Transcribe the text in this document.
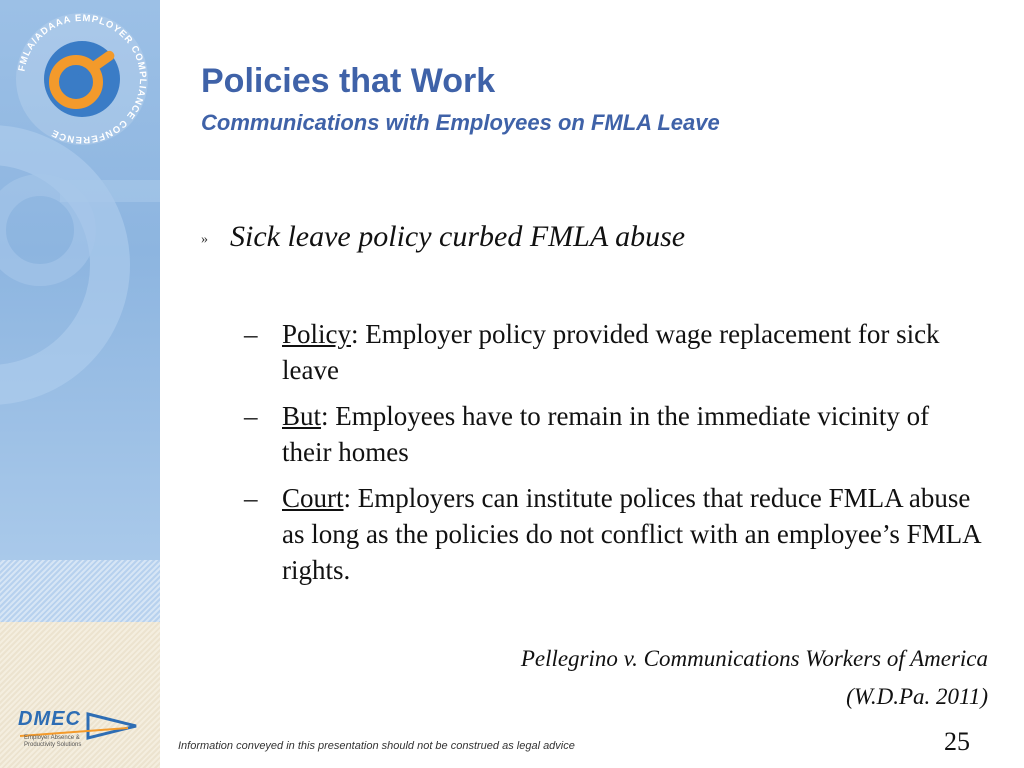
FMLA/ADAAA EMPLOYER COMPLIANCE CONFERENCE
DMEC
Employer Absence & Productivity Solutions
Policies that Work
Communications with Employees on FMLA Leave
» Sick leave policy curbed FMLA abuse
– Policy: Employer policy provided wage replacement for sick leave
– But: Employees have to remain in the immediate vicinity of their homes
– Court: Employers can institute polices that reduce FMLA abuse as long as the policies do not conflict with an employee’s FMLA rights.
Pellegrino v. Communications Workers of America
(W.D.Pa. 2011)
Information conveyed in this presentation should not be construed as legal advice	25
